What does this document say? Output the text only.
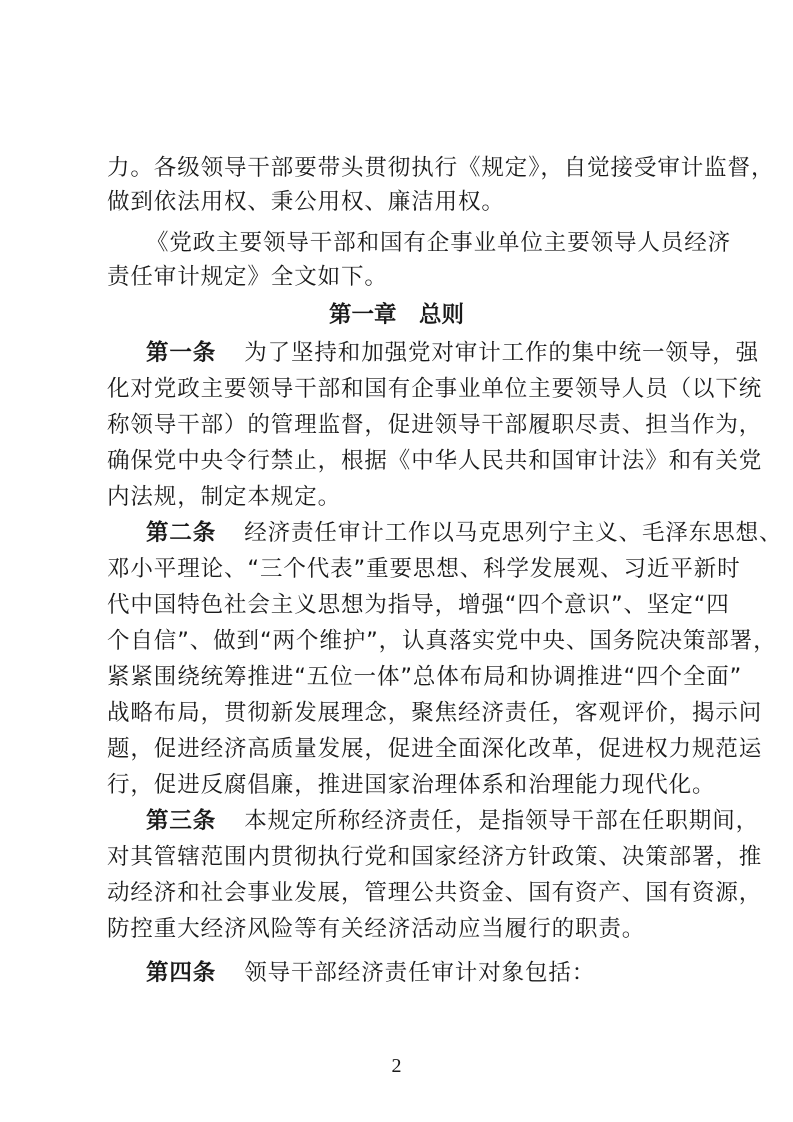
力。各级领导干部要带头贯彻执行《规定》，自觉接受审计监督，
做到依法用权、秉公用权、廉洁用权。
《党政主要领导干部和国有企事业单位主要领导人员经济
责任审计规定》全文如下。
第一章　总则
第一条 为了坚持和加强党对审计工作的集中统一领导，强
化对党政主要领导干部和国有企事业单位主要领导人员（以下统
称领导干部）的管理监督，促进领导干部履职尽责、担当作为，
确保党中央令行禁止，根据《中华人民共和国审计法》和有关党
内法规，制定本规定。
第二条 经济责任审计工作以马克思列宁主义、毛泽东思想、
邓小平理论、“三个代表”重要思想、科学发展观、习近平新时
代中国特色社会主义思想为指导，增强“四个意识”、坚定“四
个自信”、做到“两个维护”，认真落实党中央、国务院决策部署，
紧紧围绕统筹推进“五位一体”总体布局和协调推进“四个全面”
战略布局，贯彻新发展理念，聚焦经济责任，客观评价，揭示问
题，促进经济高质量发展，促进全面深化改革，促进权力规范运
行，促进反腐倡廉，推进国家治理体系和治理能力现代化。
第三条 本规定所称经济责任，是指领导干部在任职期间，
对其管辖范围内贯彻执行党和国家经济方针政策、决策部署，推
动经济和社会事业发展，管理公共资金、国有资产、国有资源，
防控重大经济风险等有关经济活动应当履行的职责。
第四条 领导干部经济责任审计对象包括：
2
